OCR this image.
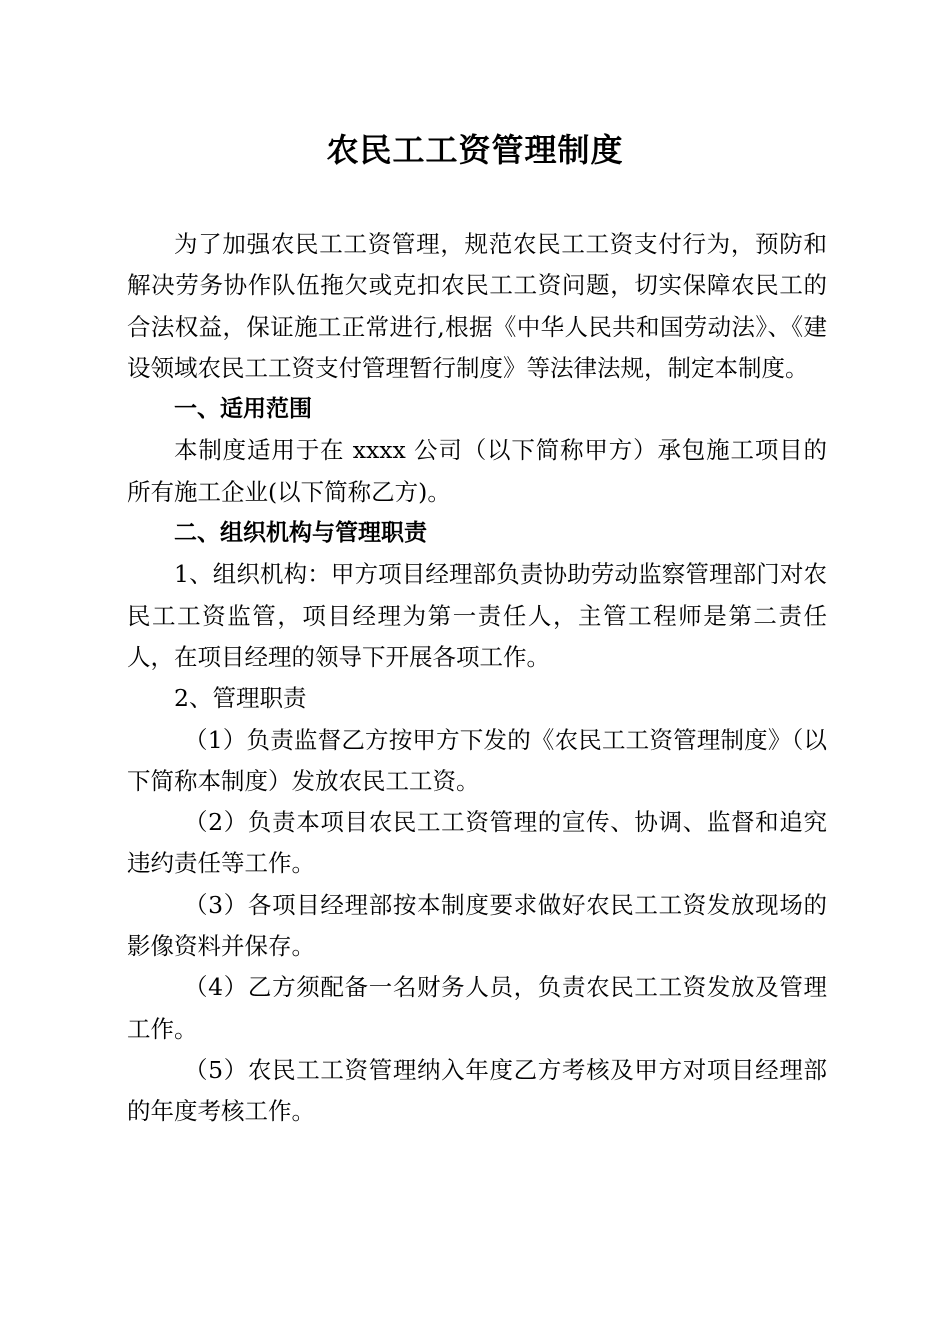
农民工工资管理制度

为了加强农民工工资管理，规范农民工工资支付行为，预防和解决劳务协作队伍拖欠或克扣农民工工资问题，切实保障农民工的合法权益，保证施工正常进行,根据《中华人民共和国劳动法》、《建设领域农民工工资支付管理暂行制度》等法律法规，制定本制度。

一、适用范围

本制度适用于在 xxxx 公司（以下简称甲方）承包施工项目的所有施工企业(以下简称乙方)。

二、组织机构与管理职责

1、组织机构：甲方项目经理部负责协助劳动监察管理部门对农民工工资监管，项目经理为第一责任人，主管工程师是第二责任人，在项目经理的领导下开展各项工作。

2、管理职责

（1）负责监督乙方按甲方下发的《农民工工资管理制度》（以下简称本制度）发放农民工工资。

（2）负责本项目农民工工资管理的宣传、协调、监督和追究违约责任等工作。

（3）各项目经理部按本制度要求做好农民工工资发放现场的影像资料并保存。

（4）乙方须配备一名财务人员，负责农民工工资发放及管理工作。

（5）农民工工资管理纳入年度乙方考核及甲方对项目经理部的年度考核工作。
